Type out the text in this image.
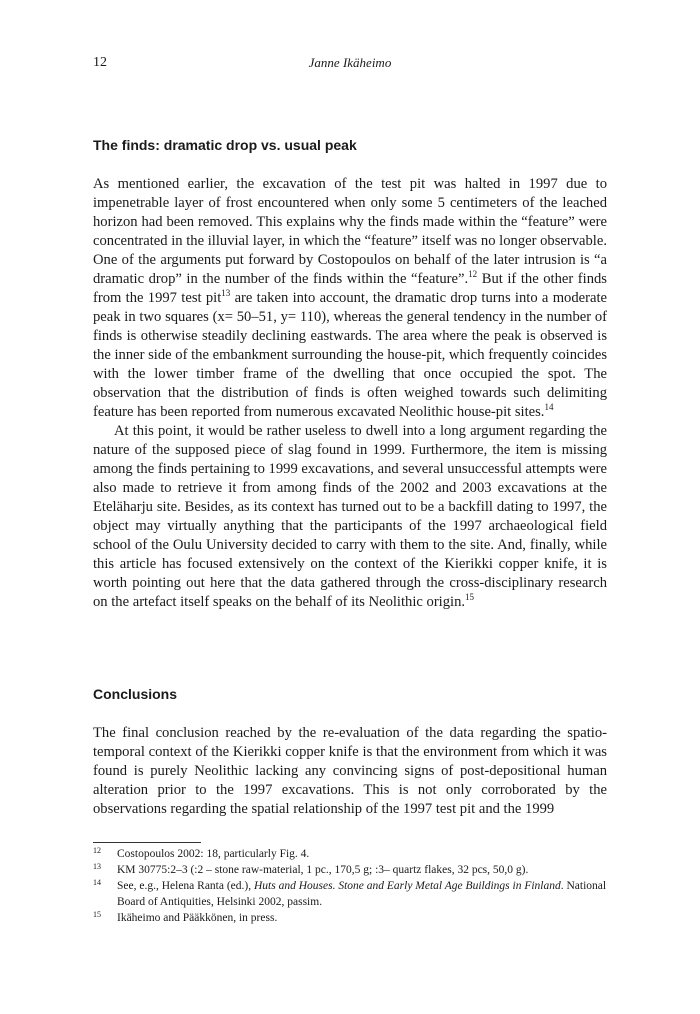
12	Janne Ikäheimo
The finds: dramatic drop vs. usual peak

As mentioned earlier, the excavation of the test pit was halted in 1997 due to impenetrable layer of frost encountered when only some 5 centimeters of the leached horizon had been removed. This explains why the finds made within the “feature” were concentrated in the illuvial layer, in which the “feature” itself was no longer observable. One of the arguments put forward by Costopoulos on behalf of the later intrusion is “a dramatic drop” in the number of the finds within the “feature”.$^{12}$ But if the other finds from the 1997 test pit$^{13}$ are taken into account, the dramatic drop turns into a moderate peak in two squares (x= 50–51, y= 110), whereas the general tendency in the number of finds is otherwise steadily declining eastwards. The area where the peak is observed is the inner side of the embankment surrounding the house-pit, which frequently coincides with the lower timber frame of the dwelling that once occupied the spot. The observation that the distribution of finds is often weighed towards such delimiting feature has been reported from numerous excavated Neolithic house-pit sites.$^{14}$

At this point, it would be rather useless to dwell into a long argument regarding the nature of the supposed piece of slag found in 1999. Furthermore, the item is missing among the finds pertaining to 1999 excavations, and several unsuccessful attempts were also made to retrieve it from among finds of the 2002 and 2003 excavations at the Eteläharju site. Besides, as its context has turned out to be a backfill dating to 1997, the object may virtually anything that the participants of the 1997 archaeological field school of the Oulu University decided to carry with them to the site. And, finally, while this article has focused extensively on the context of the Kierikki copper knife, it is worth pointing out here that the data gathered through the cross-disciplinary research on the artefact itself speaks on the behalf of its Neolithic origin.$^{15}$

Conclusions

The final conclusion reached by the re-evaluation of the data regarding the spatio-temporal context of the Kierikki copper knife is that the environment from which it was found is purely Neolithic lacking any convincing signs of post-depositional human alteration prior to the 1997 excavations. This is not only corroborated by the observations regarding the spatial relationship of the 1997 test pit and the 1999

12 Costopoulos 2002: 18, particularly Fig. 4.
13 KM 30775:2–3 (:2 – stone raw-material, 1 pc., 170,5 g; :3– quartz flakes, 32 pcs, 50,0 g).
14 See, e.g., Helena Ranta (ed.), Huts and Houses. Stone and Early Metal Age Buildings in Finland. National Board of Antiquities, Helsinki 2002, passim.
15 Ikäheimo and Pääkkönen, in press.
